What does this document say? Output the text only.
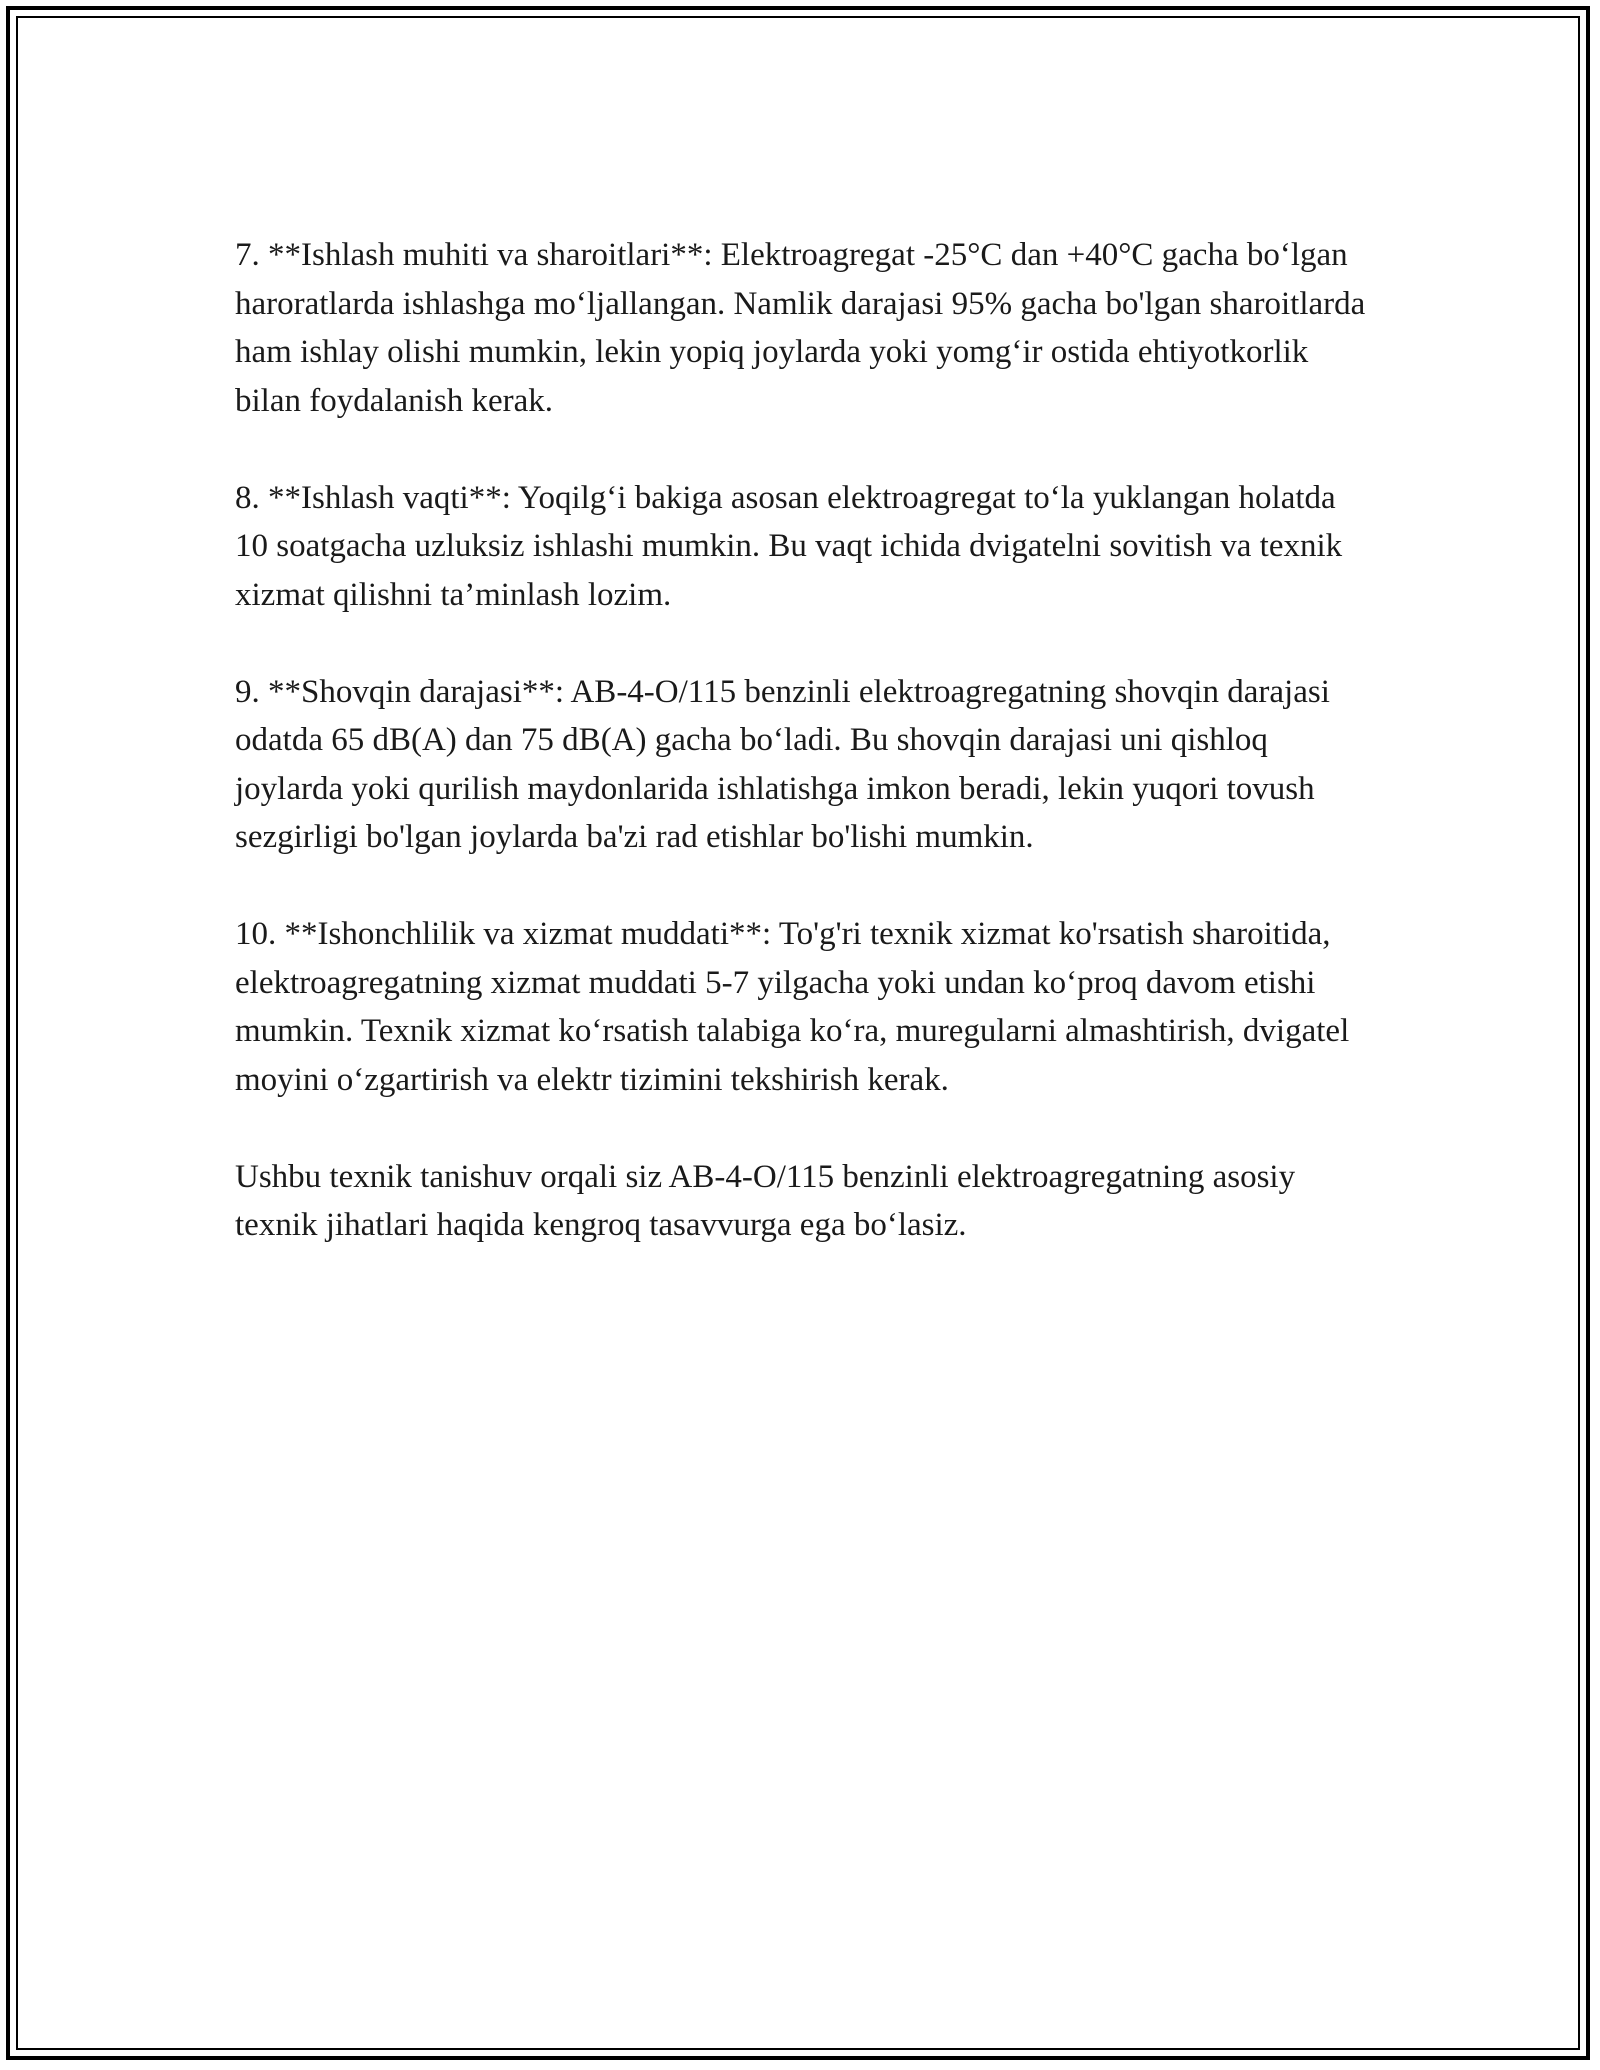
7. **Ishlash muhiti va sharoitlari**: Elektroagregat -25°C dan +40°C gacha bo‘lgan haroratlarda ishlashga mo‘ljallangan. Namlik darajasi 95% gacha bo'lgan sharoitlarda ham ishlay olishi mumkin, lekin yopiq joylarda yoki yomg‘ir ostida ehtiyotkorlik bilan foydalanish kerak.

8. **Ishlash vaqti**: Yoqilg‘i bakiga asosan elektroagregat to‘la yuklangan holatda 10 soatgacha uzluksiz ishlashi mumkin. Bu vaqt ichida dvigatelni sovitish va texnik xizmat qilishni ta’minlash lozim.

9. **Shovqin darajasi**: AB-4-O/115 benzinli elektroagregatning shovqin darajasi odatda 65 dB(A) dan 75 dB(A) gacha bo‘ladi. Bu shovqin darajasi uni qishloq joylarda yoki qurilish maydonlarida ishlatishga imkon beradi, lekin yuqori tovush sezgirligi bo'lgan joylarda ba'zi rad etishlar bo'lishi mumkin.

10. **Ishonchlilik va xizmat muddati**: To'g'ri texnik xizmat ko'rsatish sharoitida, elektroagregatning xizmat muddati 5-7 yilgacha yoki undan ko‘proq davom etishi mumkin. Texnik xizmat ko‘rsatish talabiga ko‘ra, muregularni almashtirish, dvigatel moyini o‘zgartirish va elektr tizimini tekshirish kerak.

Ushbu texnik tanishuv orqali siz AB-4-O/115 benzinli elektroagregatning asosiy texnik jihatlari haqida kengroq tasavvurga ega bo‘lasiz.
